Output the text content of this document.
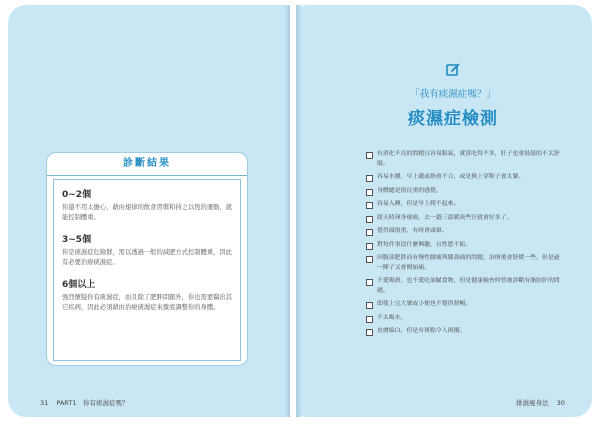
診斷結果
0~2個
你還不用太擔心，藉由規律的飲食習慣和持之以恆的運動，就能控制體重。
3~5個
你是痰濕症危險群，需以透過一般的減肥方式控制體重，因此有必要治療痰濕症。
6個以上
強烈懷疑你有痰濕症，而且除了肥胖問題外，你也需要醫治其它疾病，因此必須藉由治療痰濕症來徹底調整你的身體。
31 PART1　你有痰濕症嗎？
「我有痰濕症嗎？」
痰濕症檢測
有消化不良的問題且容易脹氣，就算吃得不多，肚子也會鼓鼓的不太舒服。
容易水腫，早上戴或指會不合，或是換上穿鞋子會太緊。
身體總是很沉重的感覺。
容易入睡，但是早上爬不起來。
陰天時渾身痠痛，去一趟三溫暖流些汗就會好多了。
覺得頭很重，有時會頭暈。
對每件事沒什麼興趣，且性慾不振。
因腹部肥胖而有慢性腰痛與膝蓋痛的問題，治療後會舒緩一些，但是過一陣子又會開始痛。
不愛喝酒，也不愛吃油膩食物，但是健康檢查時曾被診斷有脂肪肝的問題。
即使上完大號或小便也不覺得舒暢。
不太喝水。
皮膚偏白，但是有斑點令人困擾。
排濕瘦身法 30
